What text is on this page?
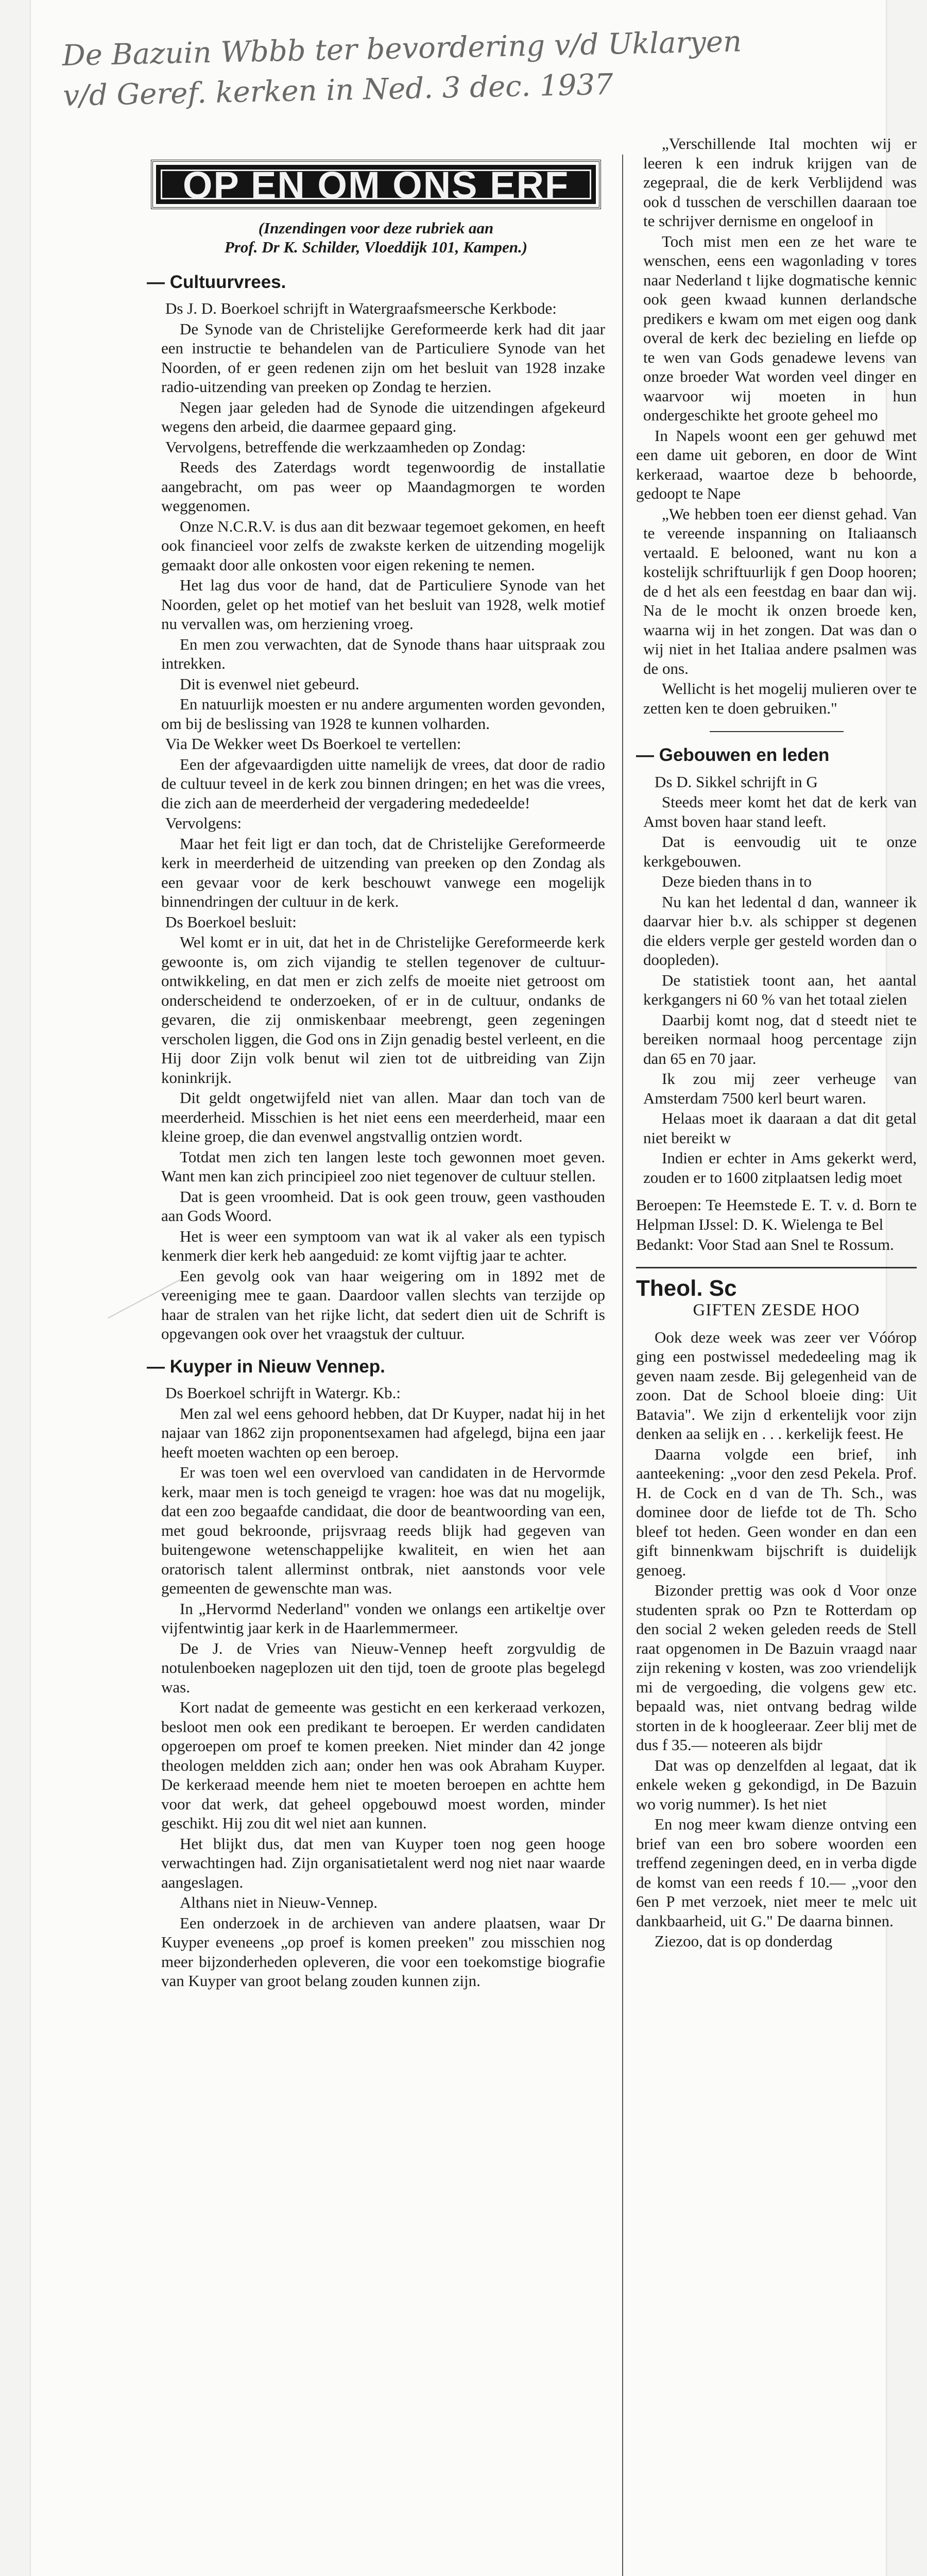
De Bazuin Wbbb ter bevordering v/d Uklaryen
v/d Geref. kerken in Ned. 3 dec. 1937
OP EN OM ONS ERF
(Inzendingen voor deze rubriek aan
Prof. Dr K. Schilder, Vloeddijk 101, Kampen.)
— Cultuurvrees.

Ds J. D. Boerkoel schrijft in Watergraafsmeersche Kerkbode:

De Synode van de Christelijke Gereformeerde kerk had dit jaar een instructie te behandelen van de Particuliere Synode van het Noorden, of er geen redenen zijn om het besluit van 1928 inzake radio-uitzending van preeken op Zondag te herzien.

Negen jaar geleden had de Synode die uitzendingen afgekeurd wegens den arbeid, die daarmee gepaard ging.

Vervolgens, betreffende die werkzaamheden op Zondag:

Reeds des Zaterdags wordt tegenwoordig de installatie aangebracht, om pas weer op Maandagmorgen te worden weggenomen.

Onze N.C.R.V. is dus aan dit bezwaar tegemoet gekomen, en heeft ook financieel voor zelfs de zwakste kerken de uitzending mogelijk gemaakt door alle onkosten voor eigen rekening te nemen.

Het lag dus voor de hand, dat de Particuliere Synode van het Noorden, gelet op het motief van het besluit van 1928, welk motief nu vervallen was, om herziening vroeg.

En men zou verwachten, dat de Synode thans haar uitspraak zou intrekken.

Dit is evenwel niet gebeurd.

En natuurlijk moesten er nu andere argumenten worden gevonden, om bij de beslissing van 1928 te kunnen volharden.

Via De Wekker weet Ds Boerkoel te vertellen:

Een der afgevaardigden uitte namelijk de vrees, dat door de radio de cultuur teveel in de kerk zou binnen dringen; en het was die vrees, die zich aan de meerderheid der vergadering mededeelde!

Vervolgens:

Maar het feit ligt er dan toch, dat de Christelijke Gereformeerde kerk in meerderheid de uitzending van preeken op den Zondag als een gevaar voor de kerk beschouwt vanwege een mogelijk binnendringen der cultuur in de kerk.

Ds Boerkoel besluit:

Wel komt er in uit, dat het in de Christelijke Gereformeerde kerk gewoonte is, om zich vijandig te stellen tegenover de cultuur-ontwikkeling, en dat men er zich zelfs de moeite niet getroost om onderscheidend te onderzoeken, of er in de cultuur, ondanks de gevaren, die zij onmiskenbaar meebrengt, geen zegeningen verscholen liggen, die God ons in Zijn genadig bestel verleent, en die Hij door Zijn volk benut wil zien tot de uitbreiding van Zijn koninkrijk.

Dit geldt ongetwijfeld niet van allen. Maar dan toch van de meerderheid. Misschien is het niet eens een meerderheid, maar een kleine groep, die dan evenwel angstvallig ontzien wordt.

Totdat men zich ten langen leste toch gewonnen moet geven. Want men kan zich principieel zoo niet tegenover de cultuur stellen.

Dat is geen vroomheid. Dat is ook geen trouw, geen vasthouden aan Gods Woord.

Het is weer een symptoom van wat ik al vaker als een typisch kenmerk dier kerk heb aangeduid: ze komt vijftig jaar te achter.

Een gevolg ook van haar weigering om in 1892 met de vereeniging mee te gaan. Daardoor vallen slechts van terzijde op haar de stralen van het rijke licht, dat sedert dien uit de Schrift is opgevangen ook over het vraagstuk der cultuur.

— Kuyper in Nieuw Vennep.

Ds Boerkoel schrijft in Watergr. Kb.:

Men zal wel eens gehoord hebben, dat Dr Kuyper, nadat hij in het najaar van 1862 zijn proponentsexamen had afgelegd, bijna een jaar heeft moeten wachten op een beroep.

Er was toen wel een overvloed van candidaten in de Hervormde kerk, maar men is toch geneigd te vragen: hoe was dat nu mogelijk, dat een zoo begaafde candidaat, die door de beantwoording van een, met goud bekroonde, prijsvraag reeds blijk had gegeven van buitengewone wetenschappelijke kwaliteit, en wien het aan oratorisch talent allerminst ontbrak, niet aanstonds voor vele gemeenten de gewenschte man was.

In „Hervormd Nederland" vonden we onlangs een artikeltje over vijfentwintig jaar kerk in de Haarlemmermeer.

De J. de Vries van Nieuw-Vennep heeft zorgvuldig de notulenboeken nageplozen uit den tijd, toen de groote plas begelegd was.

Kort nadat de gemeente was gesticht en een kerkeraad verkozen, besloot men ook een predikant te beroepen. Er werden candidaten opgeroepen om proef te komen preeken. Niet minder dan 42 jonge theologen meldden zich aan; onder hen was ook Abraham Kuyper. De kerkeraad meende hem niet te moeten beroepen en achtte hem voor dat werk, dat geheel opgebouwd moest worden, minder geschikt. Hij zou dit wel niet aan kunnen.

Het blijkt dus, dat men van Kuyper toen nog geen hooge verwachtingen had. Zijn organisatietalent werd nog niet naar waarde aangeslagen.

Althans niet in Nieuw-Vennep.

Een onderzoek in de archieven van andere plaatsen, waar Dr Kuyper eveneens „op proef is komen preeken" zou misschien nog meer bijzonderheden opleveren, die voor een toekomstige biografie van Kuyper van groot belang zouden kunnen zijn.

„Verschillende Ital mochten wij er leeren k een indruk krijgen van de zegepraal, die de kerk Verblijdend was ook d tusschen de verschillen daaraan toe te schrijver dernisme en ongeloof in

Toch mist men een ze het ware te wenschen, eens een wagonlading v tores naar Nederland t lijke dogmatische kennic ook geen kwaad kunnen derlandsche predikers e kwam om met eigen oog dank overal de kerk dec bezieling en liefde op te wen van Gods genadewe levens van onze broeder Wat worden veel dinger en waarvoor wij moeten in hun ondergeschikte het groote geheel mo

In Napels woont een ger gehuwd met een dame uit geboren, en door de Wint kerkeraad, waartoe deze b behoorde, gedoopt te Nape

„We hebben toen eer dienst gehad. Van te vereende inspanning on Italiaansch vertaald. E belooned, want nu kon a kostelijk schriftuurlijk f gen Doop hooren; de d het als een feestdag en baar dan wij. Na de le mocht ik onzen broede ken, waarna wij in het zongen. Dat was dan o wij niet in het Italiaa andere psalmen was de ons.

Wellicht is het mogelij mulieren over te zetten ken te doen gebruiken."

— Gebouwen en leden

Ds D. Sikkel schrijft in G

Steeds meer komt het dat de kerk van Amst boven haar stand leeft.

Dat is eenvoudig uit te onze kerkgebouwen.

Deze bieden thans in to

Nu kan het ledental d dan, wanneer ik daarvar hier b.v. als schipper st degenen die elders verple ger gesteld worden dan o doopleden).

De statistiek toont aan, het aantal kerkgangers ni 60 % van het totaal zielen

Daarbij komt nog, dat d steedt niet te bereiken normaal hoog percentage zijn dan 65 en 70 jaar.

Ik zou mij zeer verheuge van Amsterdam 7500 kerl beurt waren.

Helaas moet ik daaraan a dat dit getal niet bereikt w

Indien er echter in Ams gekerkt werd, zouden er to 1600 zitplaatsen ledig moet

Beroepen: Te Heemstede E. T. v. d. Born te Helpman IJssel: D. K. Wielenga te Bel

Bedankt: Voor Stad aan Snel te Rossum.

Theol. Sc
GIFTEN ZESDE HOO

Ook deze week was zeer ver Vóórop ging een postwissel mededeeling mag ik geven naam zesde. Bij gelegenheid van de zoon. Dat de School bloeie ding: Uit Batavia". We zijn d erkentelijk voor zijn denken aa selijk en . . . kerkelijk feest. He

Daarna volgde een brief, inh aanteekening: „voor den zesd Pekela. Prof. H. de Cock en d van de Th. Sch., was dominee door de liefde tot de Th. Scho bleef tot heden. Geen wonder en dan een gift binnenkwam bijschrift is duidelijk genoeg.

Bizonder prettig was ook d Voor onze studenten sprak oo Pzn te Rotterdam op den social 2 weken geleden reeds de Stell raat opgenomen in De Bazuin vraagd naar zijn rekening v kosten, was zoo vriendelijk mi de vergoeding, die volgens gew etc. bepaald was, niet ontvang bedrag wilde storten in de k hoogleeraar. Zeer blij met de dus f 35.— noteeren als bijdr

Dat was op denzelfden al legaat, dat ik enkele weken g gekondigd, in De Bazuin wo vorig nummer). Is het niet

En nog meer kwam dienze ontving een brief van een bro sobere woorden een treffend zegeningen deed, en in verba digde de komst van een reeds f 10.— „voor den 6en P met verzoek, niet meer te melc uit dankbaarheid, uit G." De daarna binnen.

Ziezoo, dat is op donderdag
